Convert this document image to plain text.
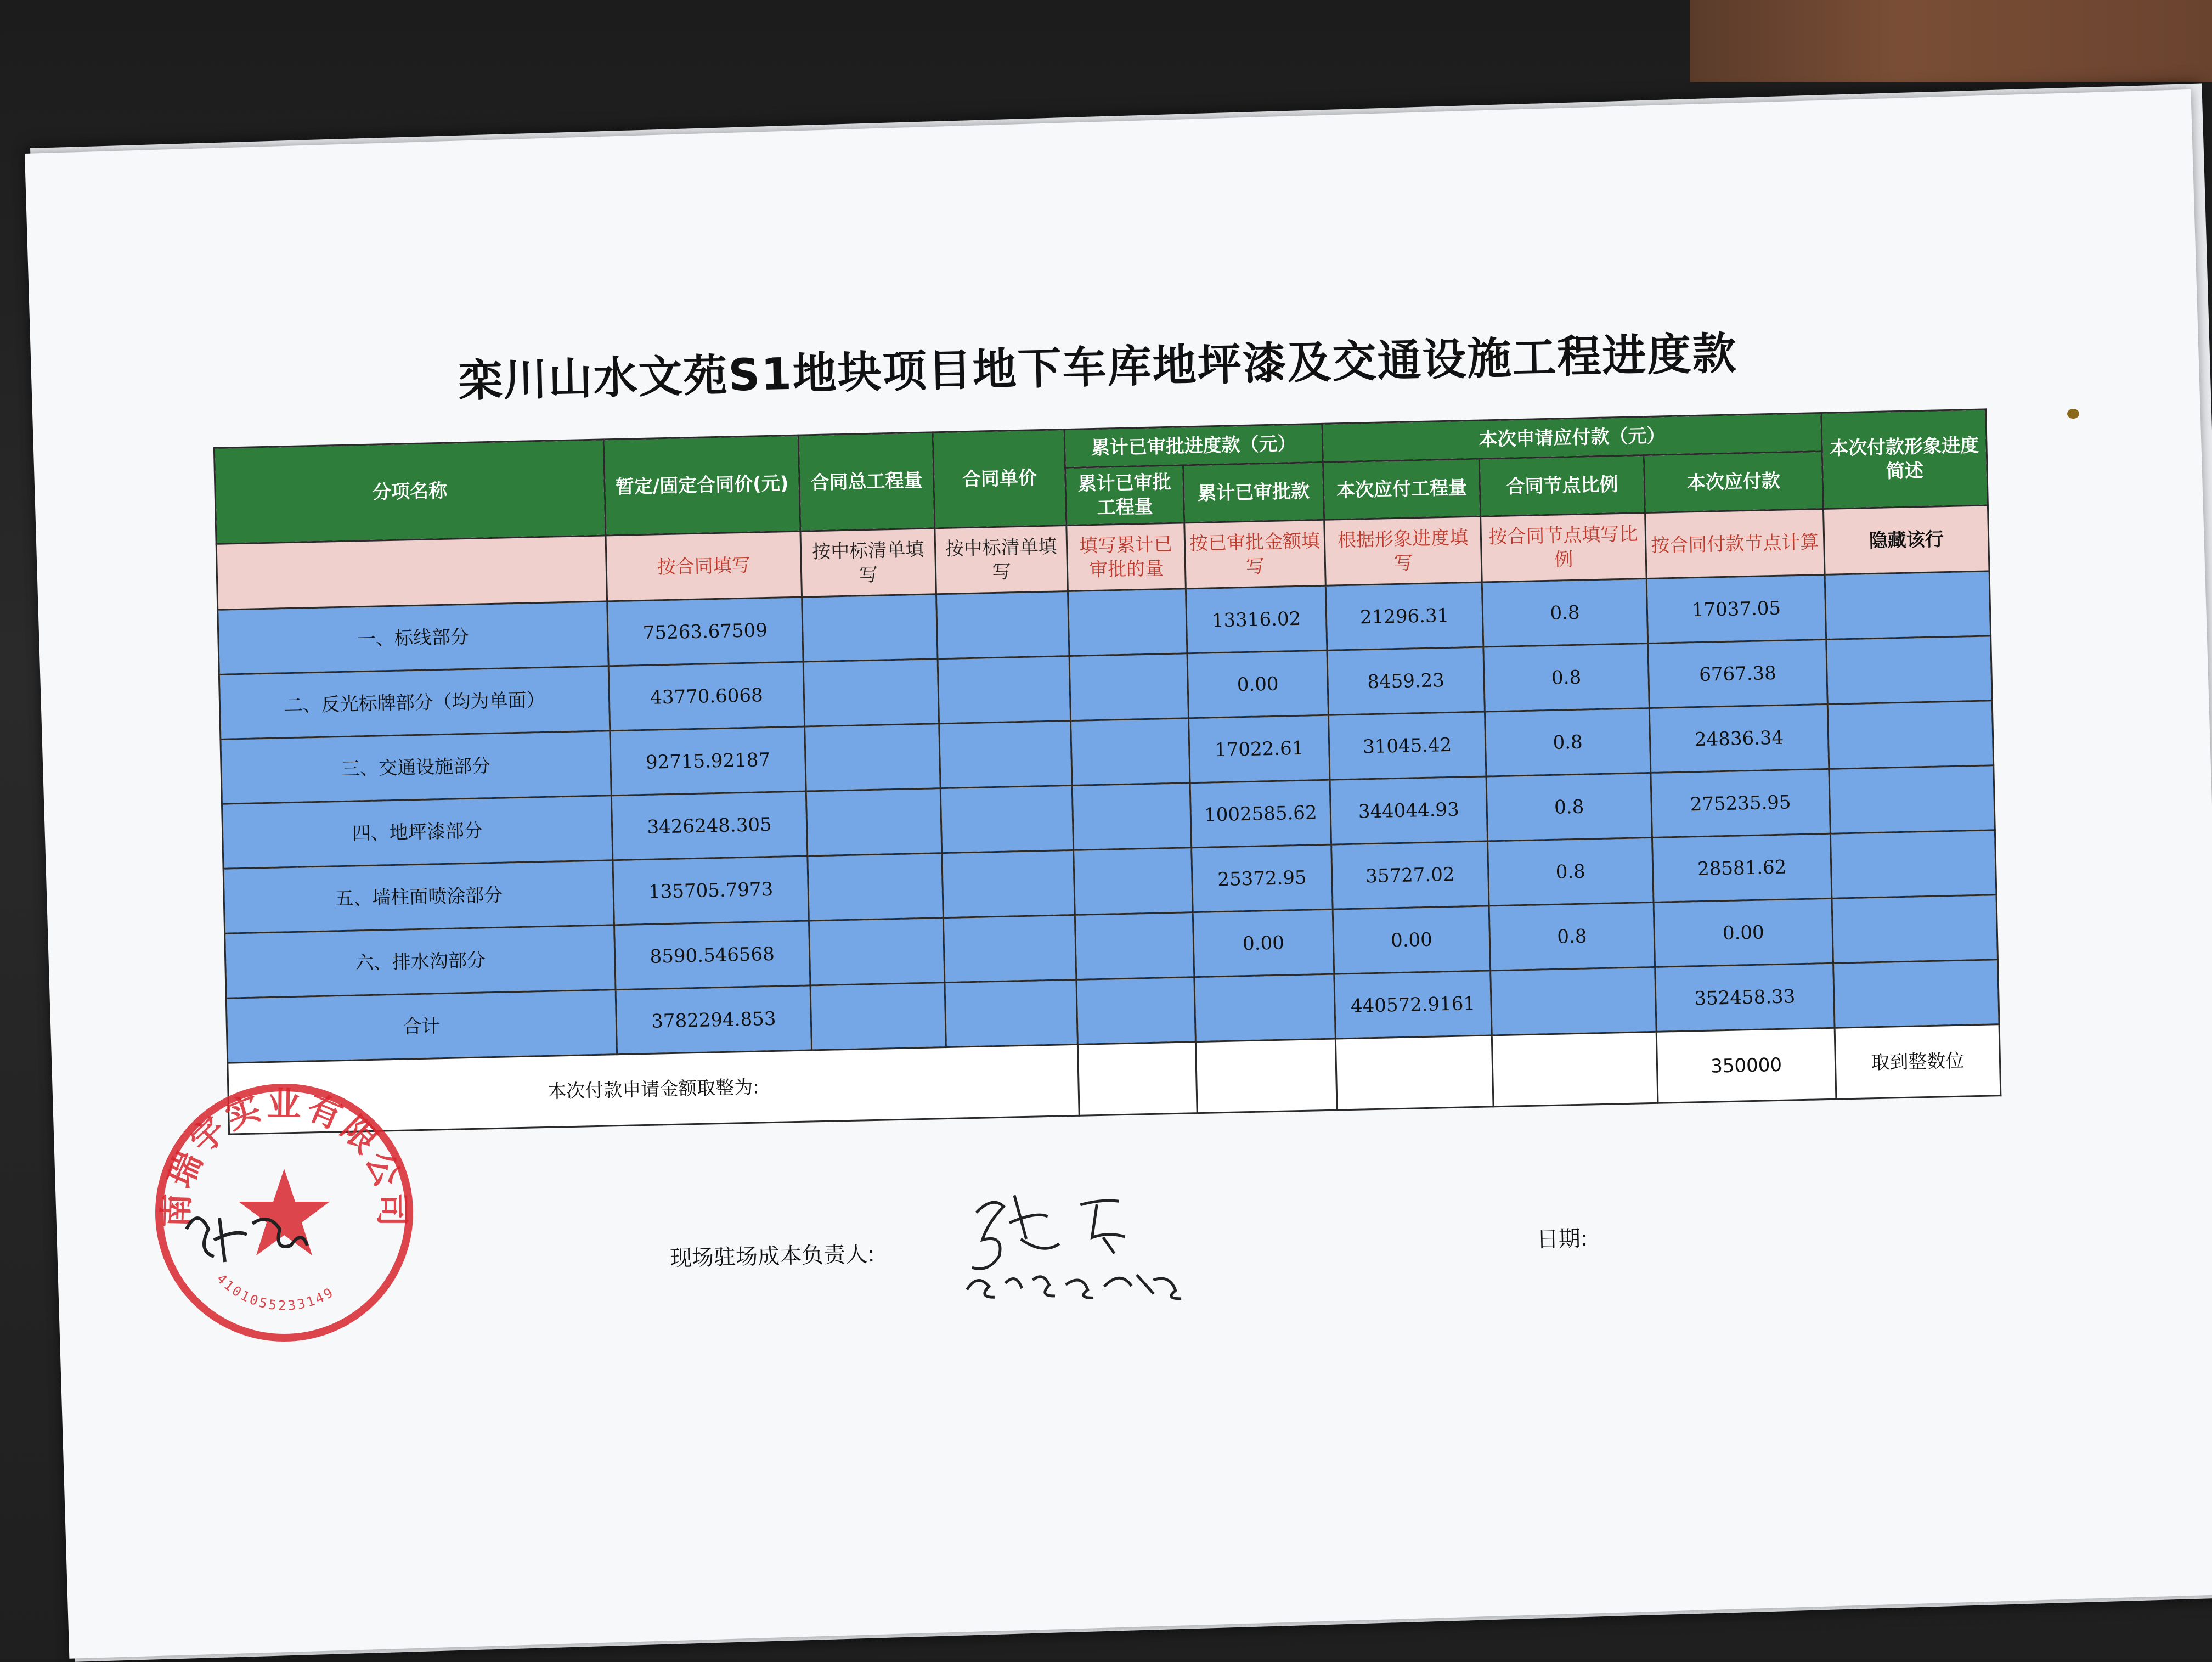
栾川山水文苑S1地块项目地下车库地坪漆及交通设施工程进度款
分项名称	暂定/固定合同价(元)	合同总工程量	合同单价	累计已审批进度款（元）		本次申请应付款（元）			本次付款形象进度简述
				累计已审批工程量	累计已审批款	本次应付工程量	合同节点比例	本次应付款	
	按合同填写	按中标清单填写	按中标清单填写	填写累计已审批的量	按已审批金额填写	根据形象进度填写	按合同节点填写比例	按合同付款节点计算	隐藏该行
一、标线部分	75263.67509				13316.02	21296.31	0.8	17037.05	
二、反光标牌部分（均为单面）	43770.6068				0.00	8459.23	0.8	6767.38	
三、交通设施部分	92715.92187				17022.61	31045.42	0.8	24836.34	
四、地坪漆部分	3426248.305				1002585.62	344044.93	0.8	275235.95	
五、墙柱面喷涂部分	135705.7973				25372.95	35727.02	0.8	28581.62	
六、排水沟部分	8590.546568				0.00	0.00	0.8	0.00	
合计	3782294.853					440572.9161		352458.33	
本次付款申请金额取整为:								350000	取到整数位
现场驻场成本负责人:
日期:
南瑞宇实业有限公司
4101055233149
